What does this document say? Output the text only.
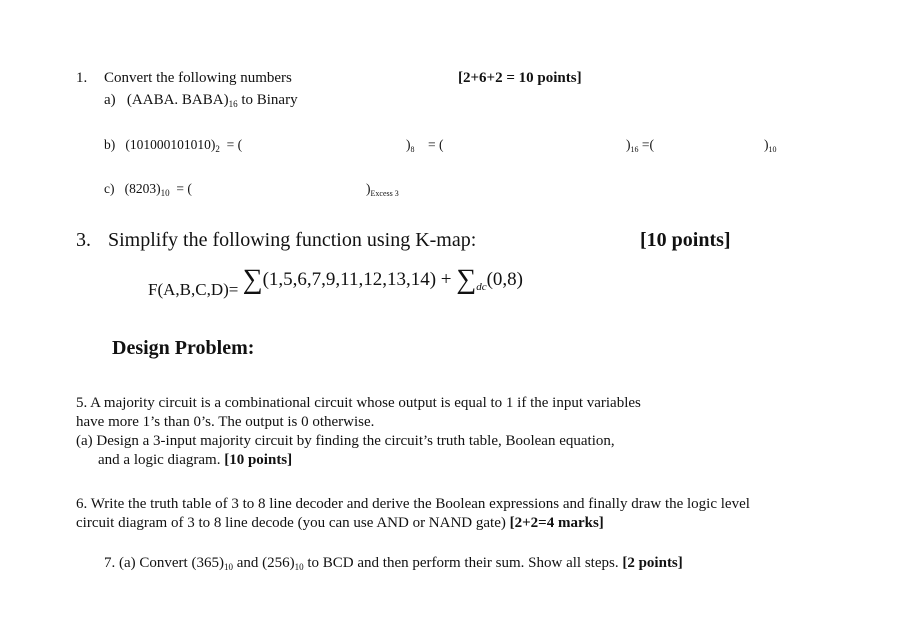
1. Convert the following numbers	[2+6+2 = 10 points]
a) (AABA. $BABA)_{16}$ to Binary
b) $(101000101010)_2$ = (	)$_8$ = (	)$_{16}$ =(	)$_{10}$
c) $(8203)_{10}$ = (	)$_{Excess 3}$
3. Simplify the following function using K-map:	[10 points]
$F(A,B,C,D)= \sum(1,5,6,7,9,11,12,13,14) + \sum_{dc}(0,8)$
Design Problem:
5. A majority circuit is a combinational circuit whose output is equal to 1 if the input variables
have more 1’s than 0’s. The output is 0 otherwise.
(a) Design a 3-input majority circuit by finding the circuit’s truth table, Boolean equation,
and a logic diagram. [10 points]
6. Write the truth table of 3 to 8 line decoder and derive the Boolean expressions and finally draw the logic level
circuit diagram of 3 to 8 line decode (you can use AND or NAND gate) [2+2=4 marks]
7. (a) Convert $(365)_{10}$ and $(256)_{10}$ to BCD and then perform their sum. Show all steps. [2 points]
